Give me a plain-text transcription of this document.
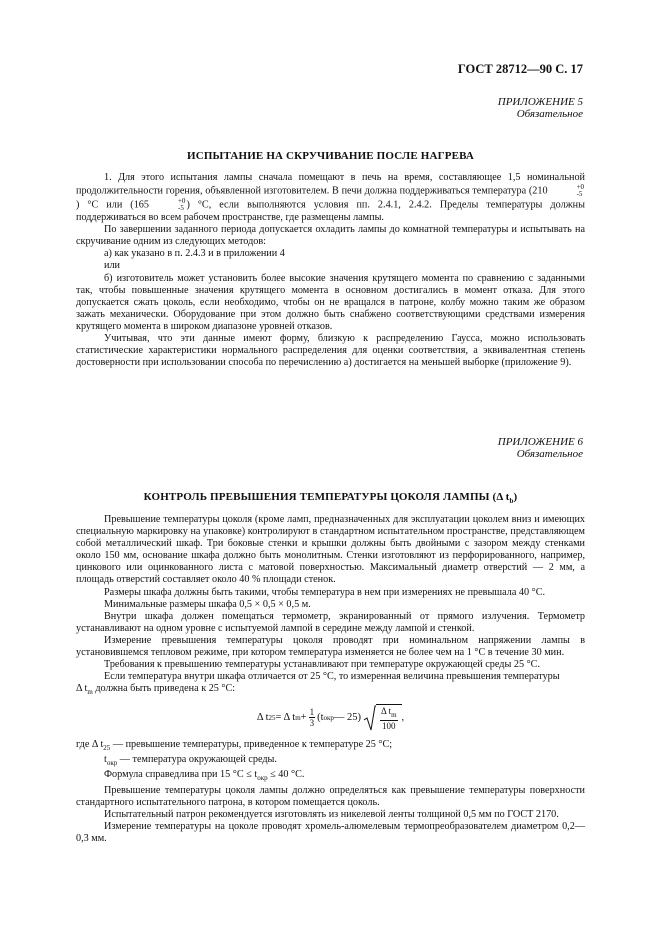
ГОСТ 28712—90 С. 17
ПРИЛОЖЕНИЕ 5
Обязательное
ИСПЫТАНИЕ НА СКРУЧИВАНИЕ ПОСЛЕ НАГРЕВА

1. Для этого испытания лампы сначала помещают в печь на время, составляющее 1,5 номинальной продолжительности горения, объявленной изготовителем. В печи должна поддерживаться температура (210	+0
-5
) °С или (165	+0
-5 ) °С, если выполняются условия пп. 2.4.1, 2.4.2. Пределы температуры должны поддерживаться во всем рабочем пространстве, где размещены лампы.

По завершении заданного периода допускается охладить лампы до комнатной температуры и испытывать на скручивание одним из следующих методов:

а) как указано в п. 2.4.3 и в приложении 4

или

б) изготовитель может установить более высокие значения крутящего момента по сравнению с заданными так, чтобы повышенные значения крутящего момента в основном достигались в момент отказа. Для этого допускается сжать цоколь, если необходимо, чтобы он не вращался в патроне, колбу можно таким же образом зажать механически. Оборудование при этом должно быть снабжено соответствующими средствами измерения крутящего момента в широком диапазоне уровней отказов.

Учитывая, что эти данные имеют форму, близкую к распределению Гаусса, можно использовать статистические характеристики нормального распределения для оценки соответствия, а эквивалентная степень достоверности при использовании способа по перечислению а) достигается на меньшей выборке (приложение 9).

ПРИЛОЖЕНИЕ 6
Обязательное
КОНТРОЛЬ ПРЕВЫШЕНИЯ ТЕМПЕРАТУРЫ ЦОКОЛЯ ЛАМПЫ (Δ $t_b$)

Превышение температуры цоколя (кроме ламп, предназначенных для эксплуатации цоколем вниз и имеющих специальную маркировку на упаковке) контролируют в стандартном испытательном пространстве, представляющем собой металлический шкаф. Три боковые стенки и крышки должны быть двойными с зазором между стенками около 150 мм, основание шкафа должно быть монолитным. Стенки изготовляют из перфорированного, например, цинкового или оцинкованного листа с матовой поверхностью. Максимальный диаметр отверстий — 2 мм, а площадь отверстий составляет около 40 % площади стенок.

Размеры шкафа должны быть такими, чтобы температура в нем при измерениях не превышала 40 °С.

Минимальные размеры шкафа 0,5 × 0,5 × 0,5 м.

Внутри шкафа должен помещаться термометр, экранированный от прямого излучения. Термометр устанавливают на одном уровне с испытуемой лампой в середине между лампой и стенкой.

Измерение превышения температуры цоколя проводят при номинальном напряжении лампы в установившемся тепловом режиме, при котором температура изменяется не более чем на 1 °С в течение 30 мин.

Требования к превышению температуры устанавливают при температуре окружающей среды 25 °С.

Если температура внутри шкафа отличается от 25 °С, то измеренная величина превышения температуры

Δ $t_m$ должна быть приведена к 25 °С:

Δ t 25 = Δ t $m + \frac{1}{3} (t$ окр — $25) \frac{\Delta t_m}{100}$ ,

где Δ $t_{25}$ — превышение температуры, приведенное к температуре 25 °С;

$t_{окр}$ — температура окружающей среды.

Формула справедлива при 15 $^\circ С \le t_{окр} \le 40$ °С.

Превышение температуры цоколя лампы должно определяться как превышение температуры поверхности стандартного испытательного патрона, в котором помещается цоколь.

Испытательный патрон рекомендуется изготовлять из никелевой ленты толщиной 0,5 мм по ГОСТ 2170.

Измерение температуры на цоколе проводят хромель-алюмелевым термопреобразователем диаметром 0,2—0,3 мм.
